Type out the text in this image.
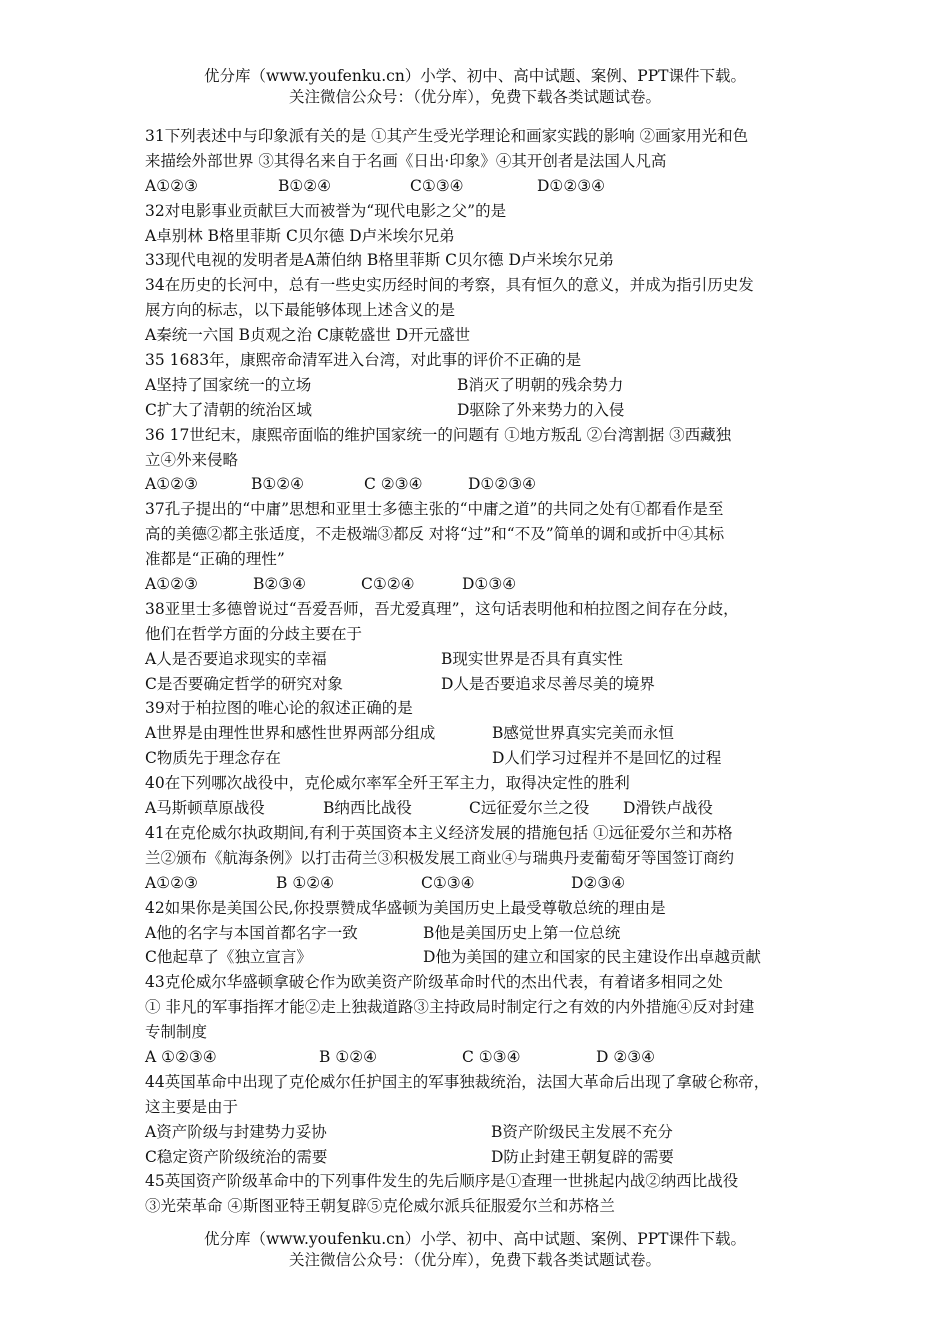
优分库（www.youfenku.cn）小学、初中、高中试题、案例、PPT课件下载。
关注微信公众号：（优分库），免费下载各类试题试卷。
31下列表述中与印象派有关的是 ①其产生受光学理论和画家实践的影响 ②画家用光和色
来描绘外部世界 ③其得名来自于名画《日出·印象》④其开创者是法国人凡高
A①②③	B①②④	C①③④	D①②③④
32对电影事业贡献巨大而被誉为“现代电影之父”的是
A卓别林 B格里菲斯 C贝尔德 D卢米埃尔兄弟
33现代电视的发明者是A萧伯纳 B格里菲斯 C贝尔德 D卢米埃尔兄弟
34在历史的长河中，总有一些史实历经时间的考察，具有恒久的意义，并成为指引历史发
展方向的标志，以下最能够体现上述含义的是
A秦统一六国 B贞观之治 C康乾盛世 D开元盛世
35 1683年，康熙帝命清军进入台湾，对此事的评价不正确的是
A坚持了国家统一的立场	B消灭了明朝的残余势力
C扩大了清朝的统治区域	D驱除了外来势力的入侵
36 17世纪末，康熙帝面临的维护国家统一的问题有 ①地方叛乱 ②台湾割据 ③西藏独
立④外来侵略
A①②③	B①②④	C ②③④	D①②③④
37孔子提出的“中庸”思想和亚里士多德主张的“中庸之道”的共同之处有①都看作是至
高的美德②都主张适度，不走极端③都反 对将“过”和“不及”简单的调和或折中④其标
准都是“正确的理性”
A①②③	B②③④	C①②④	D①③④
38亚里士多德曾说过“吾爱吾师，吾尤爱真理”，这句话表明他和柏拉图之间存在分歧，
他们在哲学方面的分歧主要在于
A人是否要追求现实的幸福	B现实世界是否具有真实性
C是否要确定哲学的研究对象	D人是否要追求尽善尽美的境界
39对于柏拉图的唯心论的叙述正确的是
A世界是由理性世界和感性世界两部分组成	B感觉世界真实完美而永恒
C物质先于理念存在	D人们学习过程并不是回忆的过程
40在下列哪次战役中，克伦威尔率军全歼王军主力，取得决定性的胜利
A马斯顿草原战役	B纳西比战役	C远征爱尔兰之役 D滑铁卢战役
41在克伦威尔执政期间,有利于英国资本主义经济发展的措施包括 ①远征爱尔兰和苏格
兰②颁布《航海条例》以打击荷兰③积极发展工商业④与瑞典丹麦葡萄牙等国签订商约
A①②③	B ①②④	C①③④	D②③④
42如果你是美国公民,你投票赞成华盛顿为美国历史上最受尊敬总统的理由是
A他的名字与本国首都名字一致	B他是美国历史上第一位总统
C他起草了《独立宣言》	D他为美国的建立和国家的民主建设作出卓越贡献
43克伦威尔华盛顿拿破仑作为欧美资产阶级革命时代的杰出代表，有着诸多相同之处
① 非凡的军事指挥才能②走上独裁道路③主持政局时制定行之有效的内外措施④反对封建
专制制度
A ①②③④	B ①②④	C ①③④	D ②③④
44英国革命中出现了克伦威尔任护国主的军事独裁统治，法国大革命后出现了拿破仑称帝，
这主要是由于
A资产阶级与封建势力妥协	B资产阶级民主发展不充分
C稳定资产阶级统治的需要	D防止封建王朝复辟的需要
45英国资产阶级革命中的下列事件发生的先后顺序是①查理一世挑起内战②纳西比战役
③光荣革命 ④斯图亚特王朝复辟⑤克伦威尔派兵征服爱尔兰和苏格兰
优分库（www.youfenku.cn）小学、初中、高中试题、案例、PPT课件下载。
关注微信公众号：（优分库），免费下载各类试题试卷。
